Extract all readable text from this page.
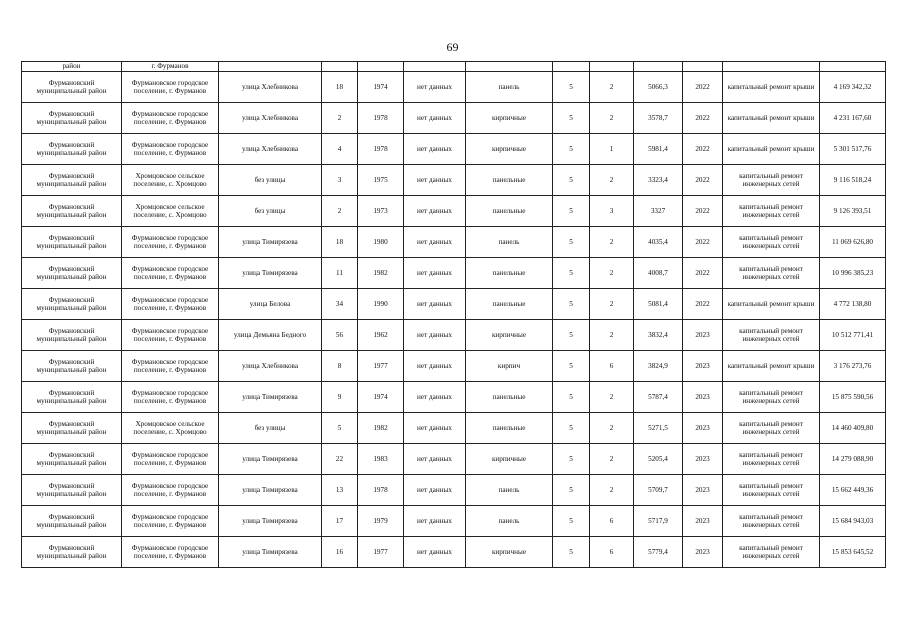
69
район	г. Фурманов											
Фурмановский муниципальный район	Фурмановское городское поселение, г. Фурманов	улица Хлебникова	18	1974	нет данных	панель	5	2	5066,3	2022	капитальный ремонт крыши	4 169 342,32
Фурмановский муниципальный район	Фурмановское городское поселение, г. Фурманов	улица Хлебникова	2	1978	нет данных	кирпичные	5	2	3578,7	2022	капитальный ремонт крыши	4 231 167,60
Фурмановский муниципальный район	Фурмановское городское поселение, г. Фурманов	улица Хлебникова	4	1978	нет данных	кирпичные	5	1	5981,4	2022	капитальный ремонт крыши	5 301 517,76
Фурмановский муниципальный район	Хромцовское сельское поселение, с. Хромцово	без улицы	3	1975	нет данных	панельные	5	2	3323,4	2022	капитальный ремонт инженерных сетей	9 116 518,24
Фурмановский муниципальный район	Хромцовское сельское поселение, с. Хромцово	без улицы	2	1973	нет данных	панельные	5	3	3327	2022	капитальный ремонт инженерных сетей	9 126 393,51
Фурмановский муниципальный район	Фурмановское городское поселение, г. Фурманов	улица Тимирязева	18	1980	нет данных	панель	5	2	4035,4	2022	капитальный ремонт инженерных сетей	11 069 626,80
Фурмановский муниципальный район	Фурмановское городское поселение, г. Фурманов	улица Тимирязева	11	1982	нет данных	панельные	5	2	4008,7	2022	капитальный ремонт инженерных сетей	10 996 385,23
Фурмановский муниципальный район	Фурмановское городское поселение, г. Фурманов	улица Белова	34	1990	нет данных	панельные	5	2	5081,4	2022	капитальный ремонт крыши	4 772 138,80
Фурмановский муниципальный район	Фурмановское городское поселение, г. Фурманов	улица Демьяна Бедного	56	1962	нет данных	кирпичные	5	2	3832,4	2023	капитальный ремонт инженерных сетей	10 512 771,41
Фурмановский муниципальный район	Фурмановское городское поселение, г. Фурманов	улица Хлебникова	8	1977	нет данных	кирпич	5	6	3824,9	2023	капитальный ремонт крыши	3 176 273,76
Фурмановский муниципальный район	Фурмановское городское поселение, г. Фурманов	улица Тимирязева	9	1974	нет данных	панельные	5	2	5787,4	2023	капитальный ремонт инженерных сетей	15 875 590,56
Фурмановский муниципальный район	Хромцовское сельское поселение, с. Хромцово	без улицы	5	1982	нет данных	панельные	5	2	5271,5	2023	капитальный ремонт инженерных сетей	14 460 409,80
Фурмановский муниципальный район	Фурмановское городское поселение, г. Фурманов	улица Тимирязева	22	1983	нет данных	кирпичные	5	2	5205,4	2023	капитальный ремонт инженерных сетей	14 279 088,90
Фурмановский муниципальный район	Фурмановское городское поселение, г. Фурманов	улица Тимирязева	13	1978	нет данных	панель	5	2	5709,7	2023	капитальный ремонт инженерных сетей	15 662 449,36
Фурмановский муниципальный район	Фурмановское городское поселение, г. Фурманов	улица Тимирязева	17	1979	нет данных	панель	5	6	5717,9	2023	капитальный ремонт инженерных сетей	15 684 943,03
Фурмановский муниципальный район	Фурмановское городское поселение, г. Фурманов	улица Тимирязева	16	1977	нет данных	кирпичные	5	6	5779,4	2023	капитальный ремонт инженерных сетей	15 853 645,52
